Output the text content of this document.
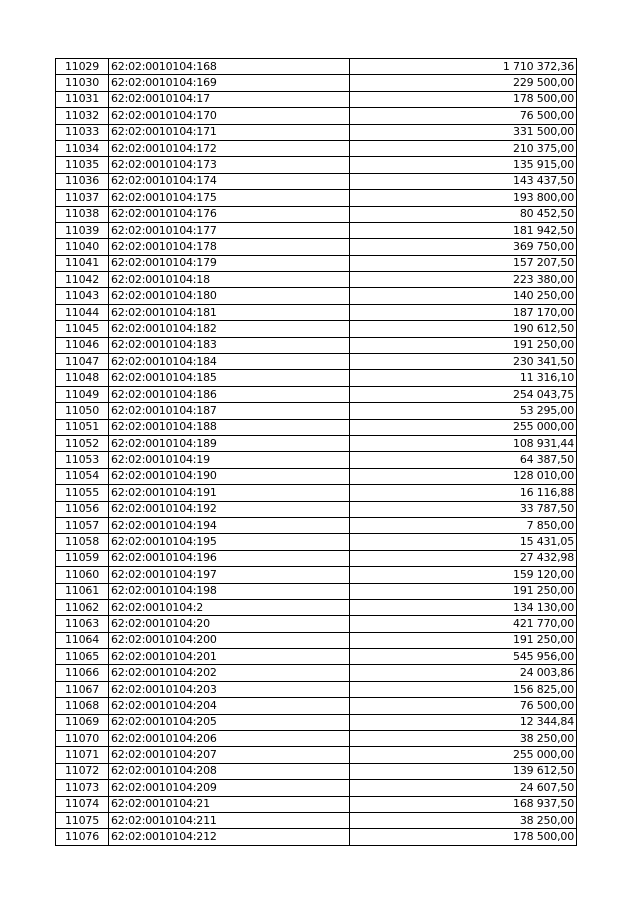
11029	62:02:0010104:168	1 710 372,36
11030	62:02:0010104:169	229 500,00
11031	62:02:0010104:17	178 500,00
11032	62:02:0010104:170	76 500,00
11033	62:02:0010104:171	331 500,00
11034	62:02:0010104:172	210 375,00
11035	62:02:0010104:173	135 915,00
11036	62:02:0010104:174	143 437,50
11037	62:02:0010104:175	193 800,00
11038	62:02:0010104:176	80 452,50
11039	62:02:0010104:177	181 942,50
11040	62:02:0010104:178	369 750,00
11041	62:02:0010104:179	157 207,50
11042	62:02:0010104:18	223 380,00
11043	62:02:0010104:180	140 250,00
11044	62:02:0010104:181	187 170,00
11045	62:02:0010104:182	190 612,50
11046	62:02:0010104:183	191 250,00
11047	62:02:0010104:184	230 341,50
11048	62:02:0010104:185	11 316,10
11049	62:02:0010104:186	254 043,75
11050	62:02:0010104:187	53 295,00
11051	62:02:0010104:188	255 000,00
11052	62:02:0010104:189	108 931,44
11053	62:02:0010104:19	64 387,50
11054	62:02:0010104:190	128 010,00
11055	62:02:0010104:191	16 116,88
11056	62:02:0010104:192	33 787,50
11057	62:02:0010104:194	7 850,00
11058	62:02:0010104:195	15 431,05
11059	62:02:0010104:196	27 432,98
11060	62:02:0010104:197	159 120,00
11061	62:02:0010104:198	191 250,00
11062	62:02:0010104:2	134 130,00
11063	62:02:0010104:20	421 770,00
11064	62:02:0010104:200	191 250,00
11065	62:02:0010104:201	545 956,00
11066	62:02:0010104:202	24 003,86
11067	62:02:0010104:203	156 825,00
11068	62:02:0010104:204	76 500,00
11069	62:02:0010104:205	12 344,84
11070	62:02:0010104:206	38 250,00
11071	62:02:0010104:207	255 000,00
11072	62:02:0010104:208	139 612,50
11073	62:02:0010104:209	24 607,50
11074	62:02:0010104:21	168 937,50
11075	62:02:0010104:211	38 250,00
11076	62:02:0010104:212	178 500,00
